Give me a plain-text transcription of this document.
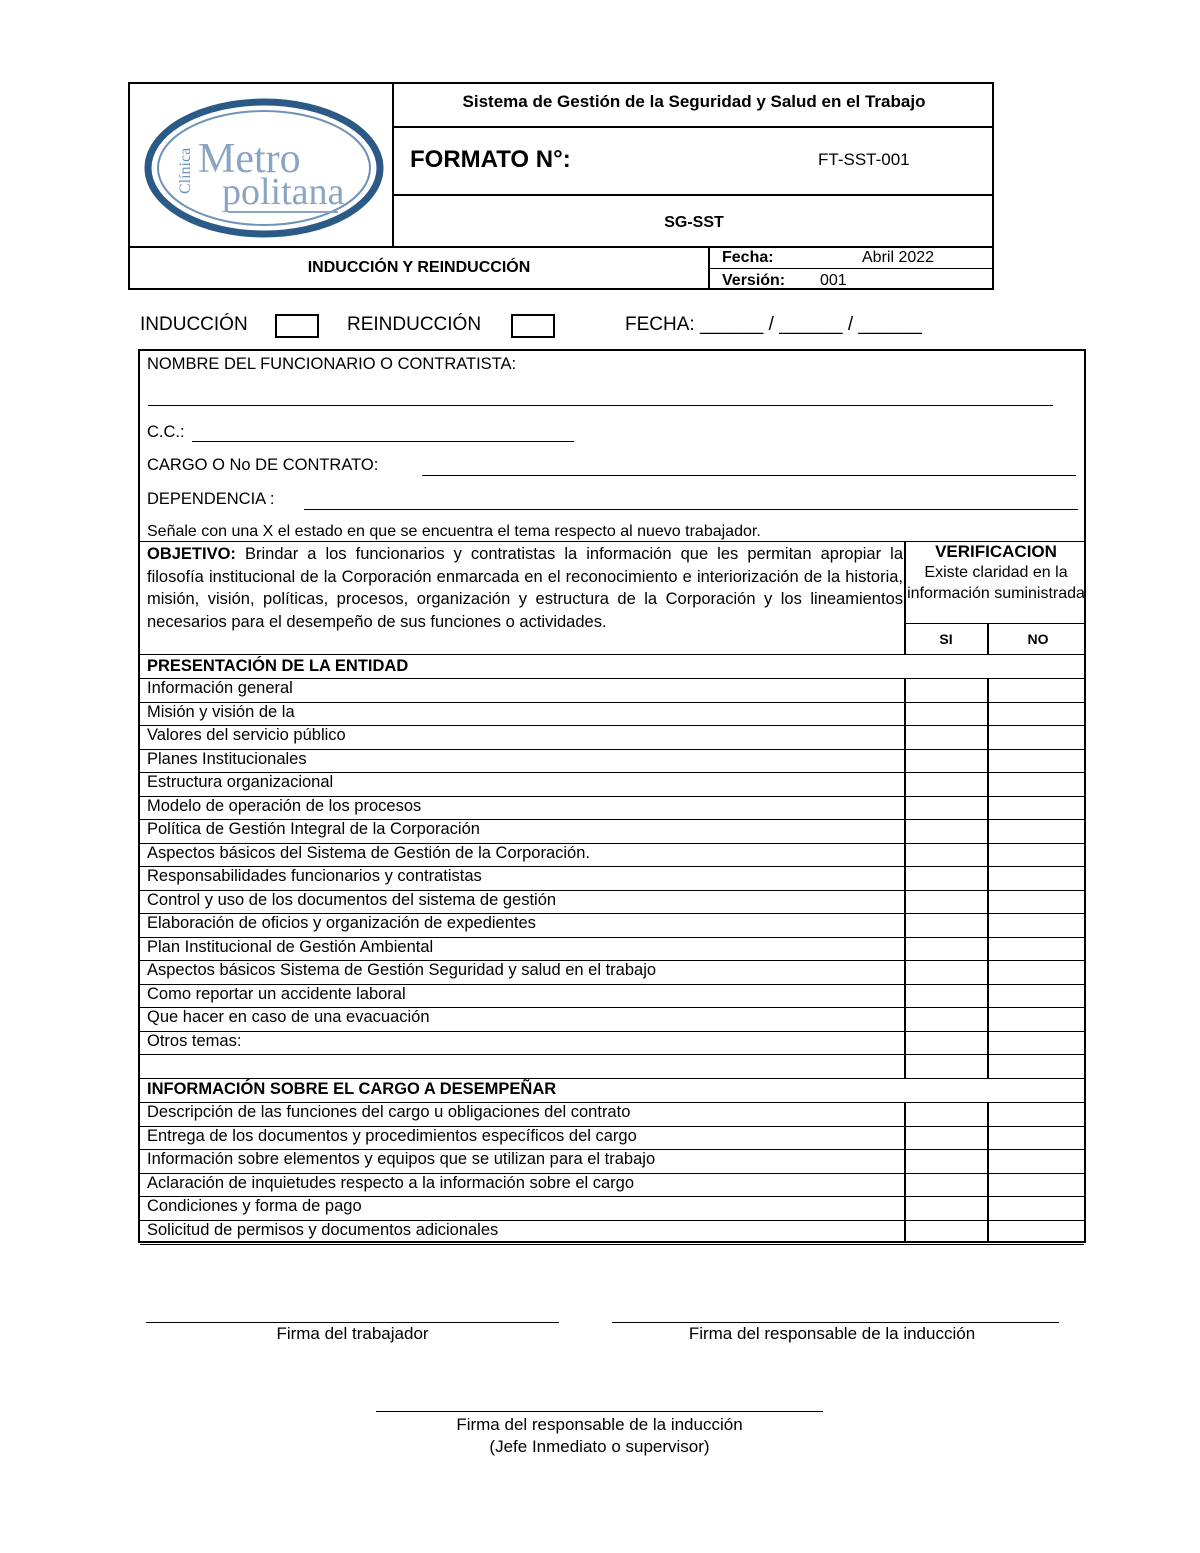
Clínica Metro
politana
Sistema de Gestión de la Seguridad y Salud en el Trabajo
FORMATO N°:	FT-SST-001
SG-SST
INDUCCIÓN Y REINDUCCIÓN
Fecha:	Abril 2022
Versión: 001
INDUCCIÓN	REINDUCCIÓN	FECHA: ______ / ______ / ______
NOMBRE DEL FUNCIONARIO O CONTRATISTA:
C.C.:
CARGO O No DE CONTRATO:
DEPENDENCIA :
Señale con una X el estado en que se encuentra el tema respecto al nuevo trabajador.
OBJETIVO: Brindar a los funcionarios y contratistas la información que les permitan apropiar la filosofía institucional de la Corporación enmarcada en el reconocimiento e interiorización de la historia, misión, visión, políticas, procesos, organización y estructura de la Corporación y los lineamientos necesarios para el desempeño de sus funciones o actividades.
VERIFICACION
Existe claridad en la información suministrada
SI	NO
PRESENTACIÓN DE LA ENTIDAD
Información general
Misión y visión de la
Valores del servicio público
Planes Institucionales
Estructura organizacional
Modelo de operación de los procesos
Política de Gestión Integral de la Corporación
Aspectos básicos del Sistema de Gestión de la Corporación.
Responsabilidades funcionarios y contratistas
Control y uso de los documentos del sistema de gestión
Elaboración de oficios y organización de expedientes
Plan Institucional de Gestión Ambiental
Aspectos básicos Sistema de Gestión Seguridad y salud en el trabajo
Como reportar un accidente laboral
Que hacer en caso de una evacuación
Otros temas:
INFORMACIÓN SOBRE EL CARGO A DESEMPEÑAR
Descripción de las funciones del cargo u obligaciones del contrato
Entrega de los documentos y procedimientos específicos del cargo
Información sobre elementos y equipos que se utilizan para el trabajo
Aclaración de inquietudes respecto a la información sobre el cargo
Condiciones y forma de pago
Solicitud de permisos y documentos adicionales
Firma del trabajador	Firma del responsable de la inducción
Firma del responsable de la inducción
(Jefe Inmediato o supervisor)
